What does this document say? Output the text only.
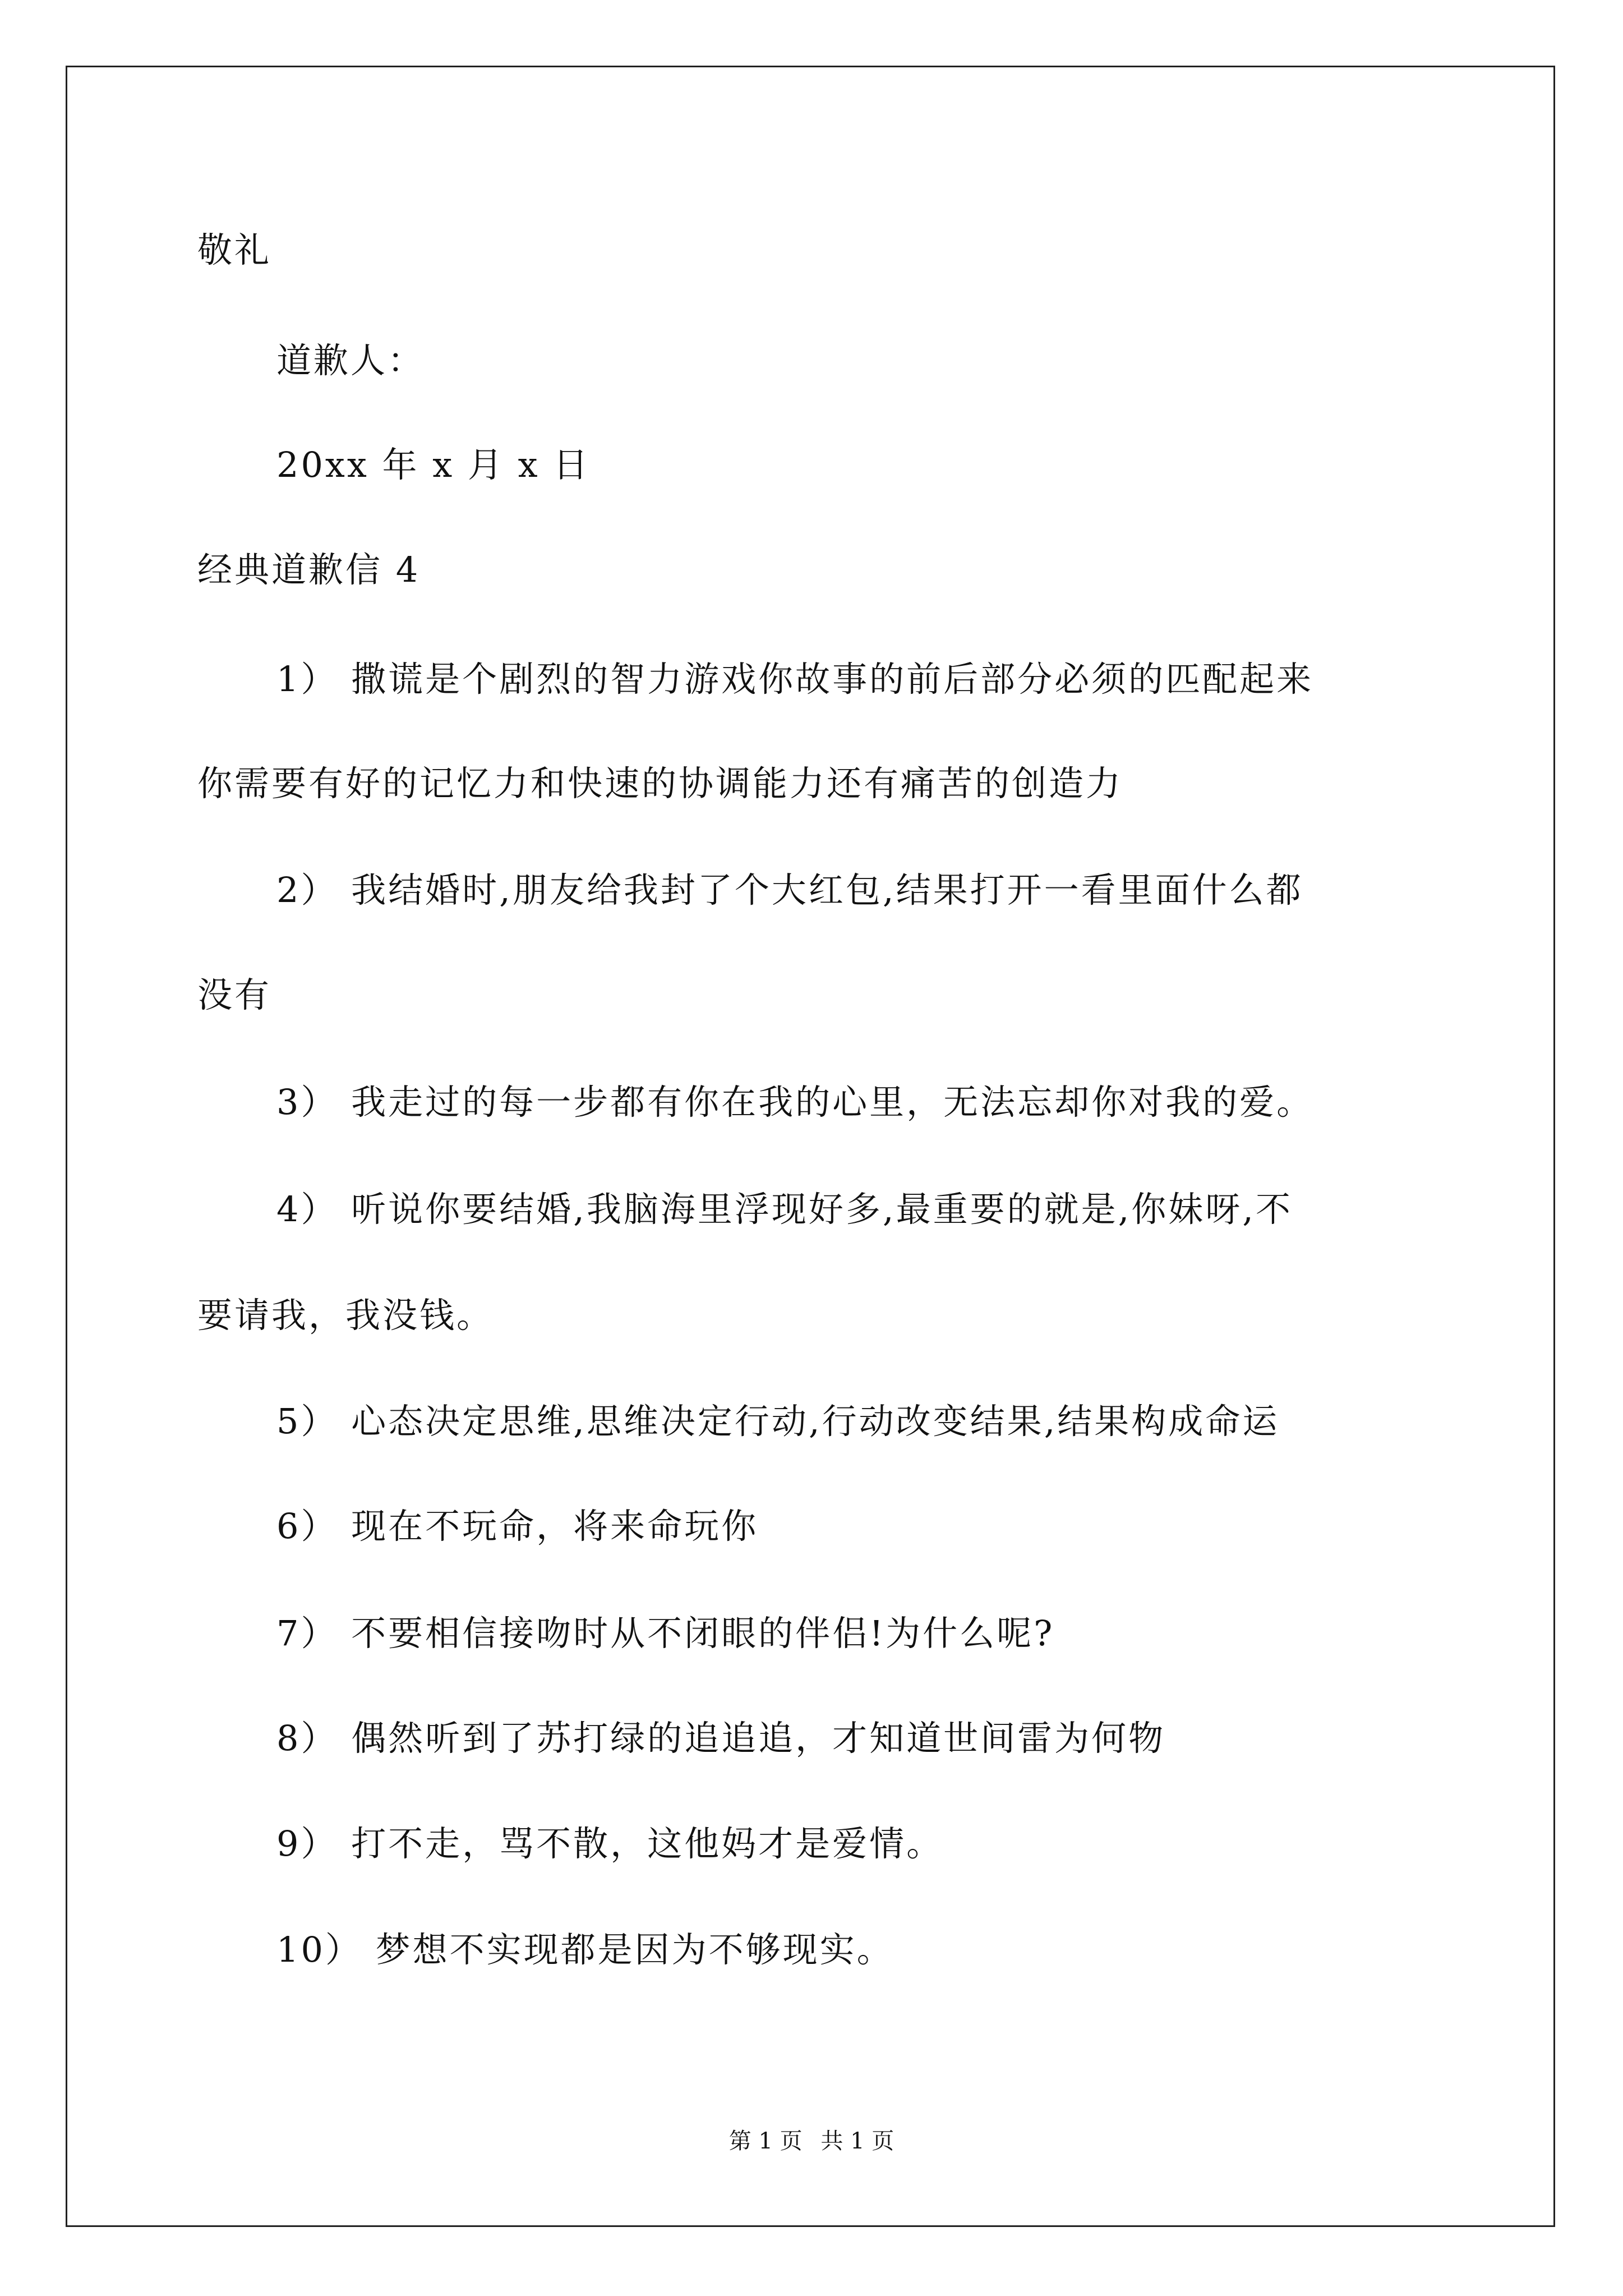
敬礼
道歉人：
20xx 年 x 月 x 日
经典道歉信 4
1） 撒谎是个剧烈的智力游戏你故事的前后部分必须的匹配起来
你需要有好的记忆力和快速的协调能力还有痛苦的创造力
2） 我结婚时,朋友给我封了个大红包,结果打开一看里面什么都
没有
3） 我走过的每一步都有你在我的心里，无法忘却你对我的爱。
4） 听说你要结婚,我脑海里浮现好多,最重要的就是,你妹呀,不
要请我，我没钱。
5） 心态决定思维,思维决定行动,行动改变结果,结果构成命运
6） 现在不玩命，将来命玩你
7） 不要相信接吻时从不闭眼的伴侣!为什么呢?
8） 偶然听到了苏打绿的追追追，才知道世间雷为何物
9） 打不走，骂不散，这他妈才是爱情。
10） 梦想不实现都是因为不够现实。
第 1 页 共 1 页
